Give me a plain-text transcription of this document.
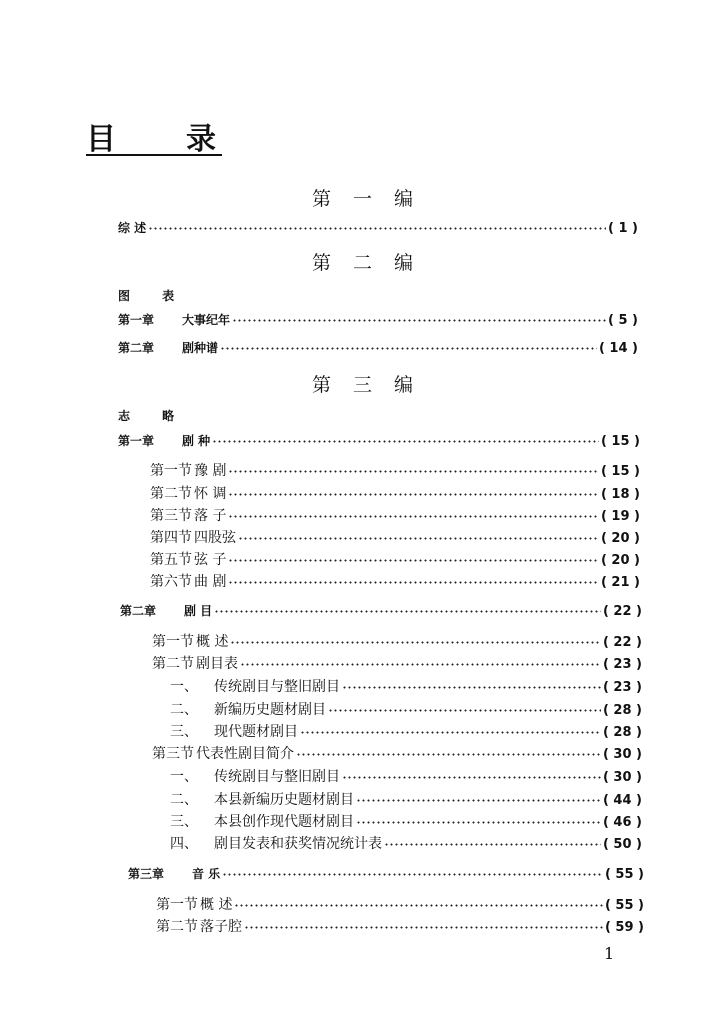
目 录
第一编
综 述	( 1 )
第二编
图 表
第一章 大事纪年	( 5 )
第二章 剧种谱	( 14 )
第三编
志 略
第一章 剧 种	( 15 )
第一节 豫 剧	( 15 )
第二节 怀 调	( 18 )
第三节 落 子	( 19 )
第四节 四股弦	( 20 )
第五节 弦 子	( 20 )
第六节 曲 剧	( 21 )
第二章 剧 目	( 22 )
第一节 概 述	( 22 )
第二节 剧目表	( 23 )
一、 传统剧目与整旧剧目	( 23 )
二、 新编历史题材剧目	( 28 )
三、 现代题材剧目	( 28 )
第三节 代表性剧目简介	( 30 )
一、 传统剧目与整旧剧目	( 30 )
二、 本县新编历史题材剧目	( 44 )
三、 本县创作现代题材剧目	( 46 )
四、 剧目发表和获奖情况统计表	( 50 )
第三章 音 乐	( 55 )
第一节 概 述	( 55 )
第二节 落子腔	( 59 )
1
